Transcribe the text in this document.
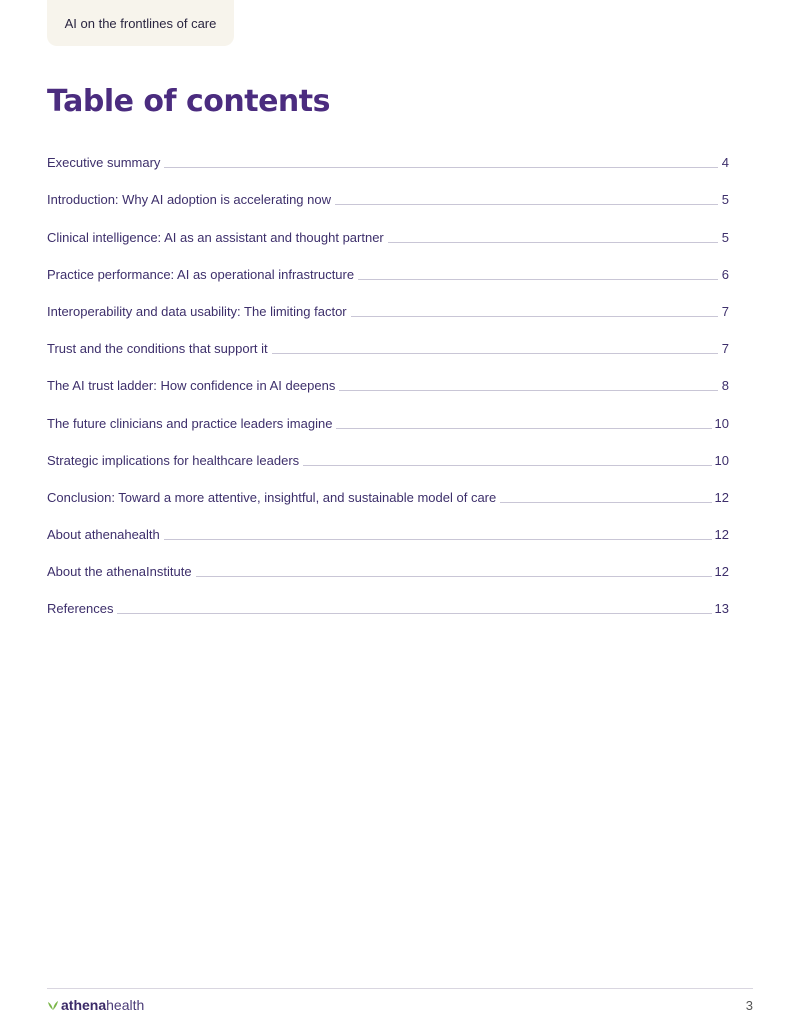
AI on the frontlines of care
Table of contents
Executive summary	4
Introduction: Why AI adoption is accelerating now	5
Clinical intelligence: AI as an assistant and thought partner	5
Practice performance: AI as operational infrastructure	6
Interoperability and data usability: The limiting factor	7
Trust and the conditions that support it	7
The AI trust ladder: How confidence in AI deepens	8
The future clinicians and practice leaders imagine	10
Strategic implications for healthcare leaders	10
Conclusion: Toward a more attentive, insightful, and sustainable model of care	12
About athenahealth	12
About the athenaInstitute	12
References	13
athena health	3
